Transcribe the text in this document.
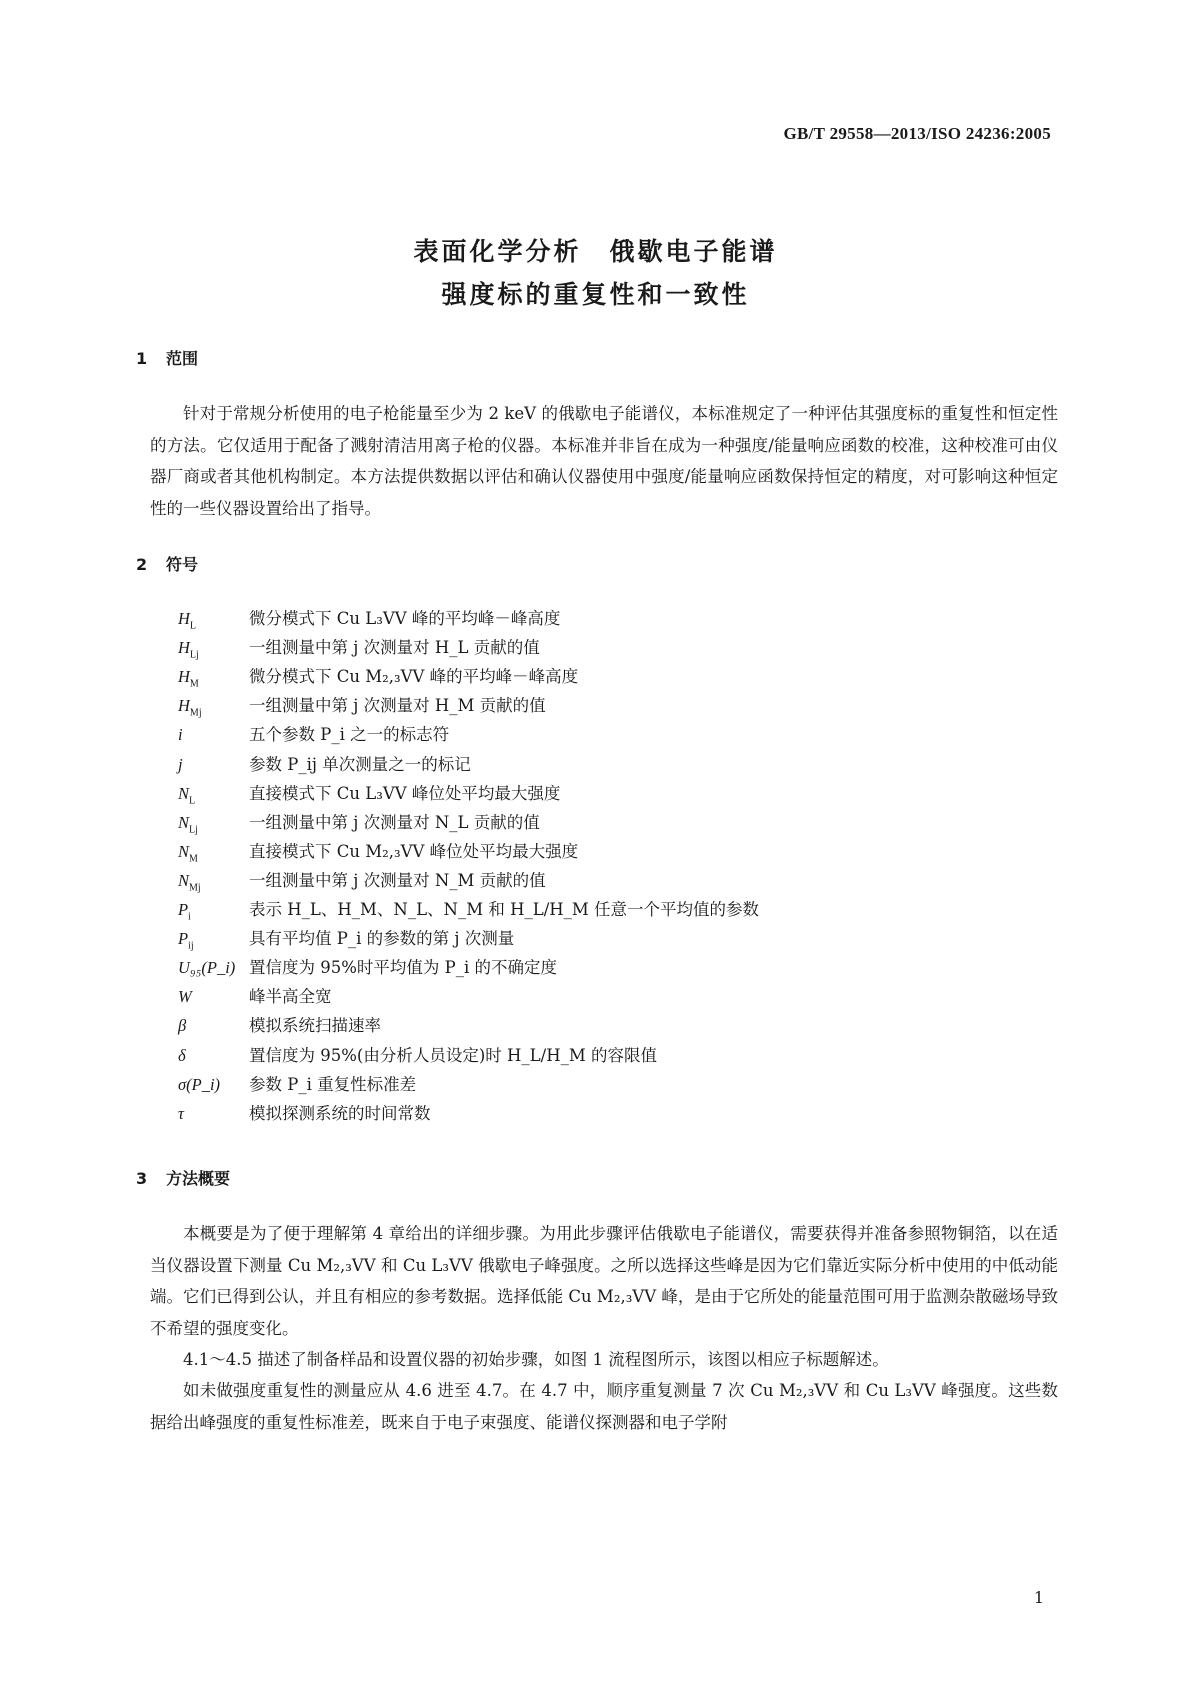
GB/T 29558—2013/ISO 24236:2005
表面化学分析　俄歇电子能谱
强度标的重复性和一致性
1 范围

针对于常规分析使用的电子枪能量至少为 2 keV 的俄歇电子能谱仪，本标准规定了一种评估其强度标的重复性和恒定性的方法。它仅适用于配备了溅射清洁用离子枪的仪器。本标准并非旨在成为一种强度/能量响应函数的校准，这种校准可由仪器厂商或者其他机构制定。本方法提供数据以评估和确认仪器使用中强度/能量响应函数保持恒定的精度，对可影响这种恒定性的一些仪器设置给出了指导。

2 符号
$H_L$	微分模式下 Cu L₃VV 峰的平均峰－峰高度
$H_{Lj}$	一组测量中第 j 次测量对 H_L 贡献的值
$H_M$	微分模式下 Cu M₂,₃VV 峰的平均峰－峰高度
$H_{Mj}$	一组测量中第 j 次测量对 H_M 贡献的值
i	五个参数 P_i 之一的标志符
j	参数 P_ij 单次测量之一的标记
$N_L$	直接模式下 Cu L₃VV 峰位处平均最大强度
$N_{Lj}$	一组测量中第 j 次测量对 N_L 贡献的值
$N_M$	直接模式下 Cu M₂,₃VV 峰位处平均最大强度
$N_{Mj}$	一组测量中第 j 次测量对 N_M 贡献的值
$P_i$	表示 H_L、H_M、N_L、N_M 和 H_L/H_M 任意一个平均值的参数
$P_{ij}$	具有平均值 P_i 的参数的第 j 次测量
U₉₅(P_i) 置信度为 95%时平均值为 P_i 的不确定度
W	峰半高全宽
β	模拟系统扫描速率
δ	置信度为 95%(由分析人员设定)时 H_L/H_M 的容限值
σ(P_i) 参数 P_i 重复性标准差
τ	模拟探测系统的时间常数
3 方法概要

本概要是为了便于理解第 4 章给出的详细步骤。为用此步骤评估俄歇电子能谱仪，需要获得并准备参照物铜箔，以在适当仪器设置下测量 Cu M₂,₃VV 和 Cu L₃VV 俄歇电子峰强度。之所以选择这些峰是因为它们靠近实际分析中使用的中低动能端。它们已得到公认，并且有相应的参考数据。选择低能 Cu M₂,₃VV 峰，是由于它所处的能量范围可用于监测杂散磁场导致不希望的强度变化。

4.1～4.5 描述了制备样品和设置仪器的初始步骤，如图 1 流程图所示，该图以相应子标题解述。

如未做强度重复性的测量应从 4.6 进至 4.7。在 4.7 中，顺序重复测量 7 次 Cu M₂,₃VV 和 Cu L₃VV 峰强度。这些数据给出峰强度的重复性标准差，既来自于电子束强度、能谱仪探测器和电子学附

1
